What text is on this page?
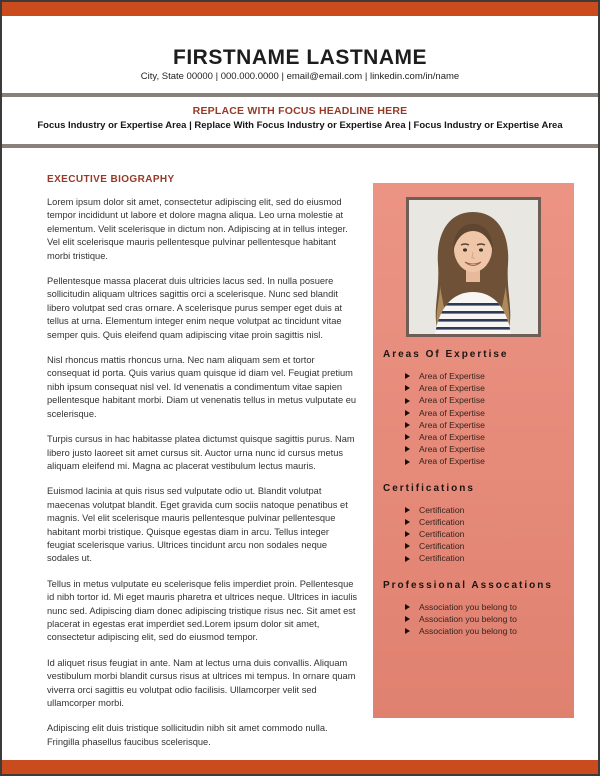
FIRSTNAME LASTNAME
City, State 00000 | 000.000.0000 | email@email.com | linkedin.com/in/name
REPLACE WITH FOCUS HEADLINE HERE
Focus Industry or Expertise Area | Replace With Focus Industry or Expertise Area | Focus Industry or Expertise Area
EXECUTIVE BIOGRAPHY

Lorem ipsum dolor sit amet, consectetur adipiscing elit, sed do eiusmod tempor incididunt ut labore et dolore magna aliqua. Leo urna molestie at elementum. Velit scelerisque in dictum non. Adipiscing at in tellus integer. Vel elit scelerisque mauris pellentesque pulvinar pellentesque habitant morbi tristique.

Pellentesque massa placerat duis ultricies lacus sed. In nulla posuere sollicitudin aliquam ultrices sagittis orci a scelerisque. Nunc sed blandit libero volutpat sed cras ornare. A scelerisque purus semper eget duis at tellus at urna. Elementum integer enim neque volutpat ac tincidunt vitae semper quis. Quis eleifend quam adipiscing vitae proin sagittis nisl.

Nisl rhoncus mattis rhoncus urna. Nec nam aliquam sem et tortor consequat id porta. Quis varius quam quisque id diam vel. Feugiat pretium nibh ipsum consequat nisl vel. Id venenatis a condimentum vitae sapien pellentesque habitant morbi. Diam ut venenatis tellus in metus vulputate eu scelerisque.

Turpis cursus in hac habitasse platea dictumst quisque sagittis purus. Nam libero justo laoreet sit amet cursus sit. Auctor urna nunc id cursus metus aliquam eleifend mi. Magna ac placerat vestibulum lectus mauris.

Euismod lacinia at quis risus sed vulputate odio ut. Blandit volutpat maecenas volutpat blandit. Eget gravida cum sociis natoque penatibus et magnis. Vel elit scelerisque mauris pellentesque pulvinar pellentesque habitant morbi tristique. Quisque egestas diam in arcu. Tellus integer feugiat scelerisque varius. Ultrices tincidunt arcu non sodales neque sodales ut.

Tellus in metus vulputate eu scelerisque felis imperdiet proin. Pellentesque id nibh tortor id. Mi eget mauris pharetra et ultrices neque. Ultrices in iaculis nunc sed. Adipiscing diam donec adipiscing tristique risus nec. Sit amet est placerat in egestas erat imperdiet sed.Lorem ipsum dolor sit amet, consectetur adipiscing elit, sed do eiusmod tempor.

Id aliquet risus feugiat in ante. Nam at lectus urna duis convallis. Aliquam vestibulum morbi blandit cursus risus at ultrices mi tempus. In ornare quam viverra orci sagittis eu volutpat odio facilisis. Ullamcorper velit sed ullamcorper morbi.

Adipiscing elit duis tristique sollicitudin nibh sit amet commodo nulla. Fringilla phasellus faucibus scelerisque.

Areas Of Expertise
Area of Expertise
Area of Expertise
Area of Expertise
Area of Expertise
Area of Expertise
Area of Expertise
Area of Expertise
Area of Expertise
Certifications
Certification
Certification
Certification
Certification
Certification
Professional Assocations
Association you belong to
Association you belong to
Association you belong to
